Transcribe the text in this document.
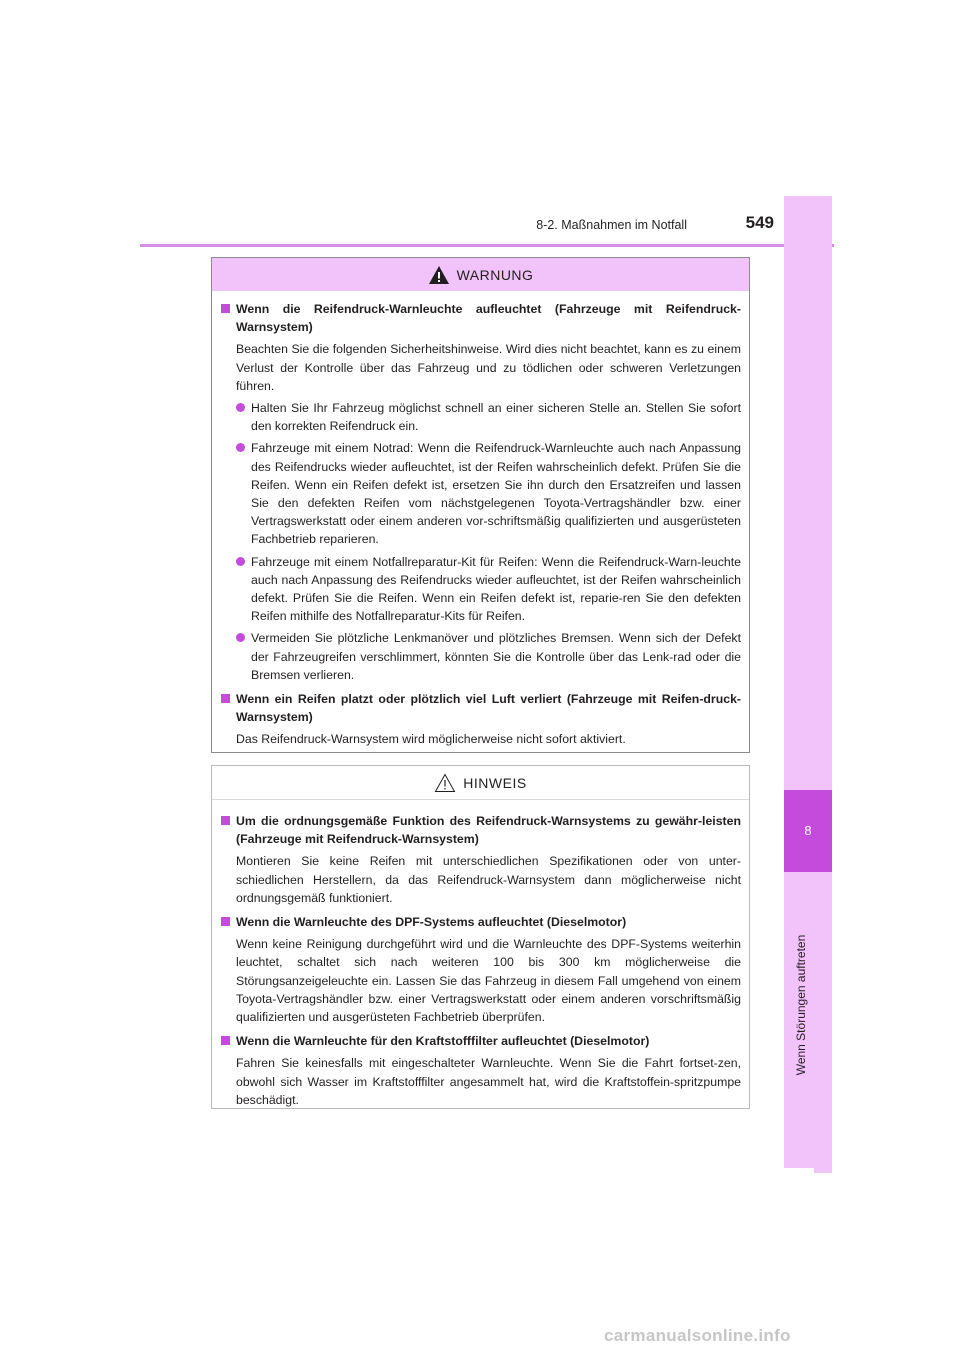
8-2. Maßnahmen im Notfall	549
8
Wenn Störungen auftreten
WARNUNG
Wenn die Reifendruck-Warnleuchte aufleuchtet (Fahrzeuge mit Reifendruck-Warnsystem)
Beachten Sie die folgenden Sicherheitshinweise. Wird dies nicht beachtet, kann es zu einem Verlust der Kontrolle über das Fahrzeug und zu tödlichen oder schweren Verletzungen führen.
Halten Sie Ihr Fahrzeug möglichst schnell an einer sicheren Stelle an. Stellen Sie sofort den korrekten Reifendruck ein.
Fahrzeuge mit einem Notrad: Wenn die Reifendruck-Warnleuchte auch nach Anpassung des Reifendrucks wieder aufleuchtet, ist der Reifen wahrscheinlich defekt. Prüfen Sie die Reifen. Wenn ein Reifen defekt ist, ersetzen Sie ihn durch den Ersatzreifen und lassen Sie den defekten Reifen vom nächstgelegenen Toyota-Vertragshändler bzw. einer Vertragswerkstatt oder einem anderen vor-schriftsmäßig qualifizierten und ausgerüsteten Fachbetrieb reparieren.
Fahrzeuge mit einem Notfallreparatur-Kit für Reifen: Wenn die Reifendruck-Warn-leuchte auch nach Anpassung des Reifendrucks wieder aufleuchtet, ist der Reifen wahrscheinlich defekt. Prüfen Sie die Reifen. Wenn ein Reifen defekt ist, reparie-ren Sie den defekten Reifen mithilfe des Notfallreparatur-Kits für Reifen.
Vermeiden Sie plötzliche Lenkmanöver und plötzliches Bremsen. Wenn sich der Defekt der Fahrzeugreifen verschlimmert, könnten Sie die Kontrolle über das Lenk-rad oder die Bremsen verlieren.
Wenn ein Reifen platzt oder plötzlich viel Luft verliert (Fahrzeuge mit Reifen-druck-Warnsystem)
Das Reifendruck-Warnsystem wird möglicherweise nicht sofort aktiviert.
HINWEIS
Um die ordnungsgemäße Funktion des Reifendruck-Warnsystems zu gewähr-leisten (Fahrzeuge mit Reifendruck-Warnsystem)
Montieren Sie keine Reifen mit unterschiedlichen Spezifikationen oder von unter-schiedlichen Herstellern, da das Reifendruck-Warnsystem dann möglicherweise nicht ordnungsgemäß funktioniert.
Wenn die Warnleuchte des DPF-Systems aufleuchtet (Dieselmotor)
Wenn keine Reinigung durchgeführt wird und die Warnleuchte des DPF-Systems weiterhin leuchtet, schaltet sich nach weiteren 100 bis 300 km möglicherweise die Störungsanzeigeleuchte ein. Lassen Sie das Fahrzeug in diesem Fall umgehend von einem Toyota-Vertragshändler bzw. einer Vertragswerkstatt oder einem anderen vorschriftsmäßig qualifizierten und ausgerüsteten Fachbetrieb überprüfen.
Wenn die Warnleuchte für den Kraftstofffilter aufleuchtet (Dieselmotor)
Fahren Sie keinesfalls mit eingeschalteter Warnleuchte. Wenn Sie die Fahrt fortset-zen, obwohl sich Wasser im Kraftstofffilter angesammelt hat, wird die Kraftstoffein-spritzpumpe beschädigt.
carmanualsonline.info
